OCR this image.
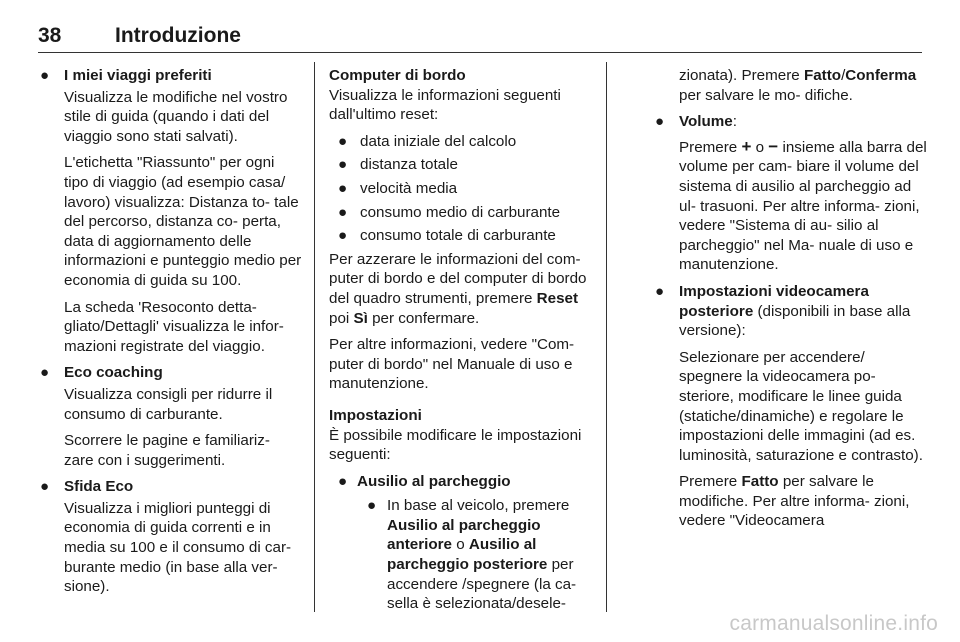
38	Introduzione
● I miei viaggi preferiti

Visualizza le modifiche nel vostro stile di guida (quando i dati del viaggio sono stati salvati).

L'etichetta "Riassunto" per ogni tipo di viaggio (ad esempio casa/ lavoro) visualizza: Distanza to- tale del percorso, distanza co- perta, data di aggiornamento delle informazioni e punteggio medio per economia di guida su 100.

La scheda 'Resoconto detta- gliato/Dettagli' visualizza le infor- mazioni registrate del viaggio.

● Eco coaching

Visualizza consigli per ridurre il consumo di carburante.

Scorrere le pagine e familiariz- zare con i suggerimenti.

● Sfida Eco

Visualizza i migliori punteggi di economia di guida correnti e in media su 100 e il consumo di car- burante medio (in base alla ver- sione).

Computer di bordo

Visualizza le informazioni seguenti dall'ultimo reset:

● data iniziale del calcolo
● distanza totale
● velocità media
● consumo medio di carburante
● consumo totale di carburante

Per azzerare le informazioni del com- puter di bordo e del computer di bordo del quadro strumenti, premere Reset poi Sì per confermare.

Per altre informazioni, vedere "Com- puter di bordo" nel Manuale di uso e manutenzione.

Impostazioni

È possibile modificare le impostazioni seguenti:

● Ausilio al parcheggio
● In base al veicolo, premere Ausilio al parcheggio anteriore o Ausilio al parcheggio posteriore per accendere /spegnere (la ca- sella è selezionata/desele-

zionata). Premere Fatto/Conferma per salvare le mo- difiche.

● Volume:

Premere + o − insieme alla barra del volume per cam- biare il volume del sistema di ausilio al parcheggio ad ul- trasuoni. Per altre informa- zioni, vedere "Sistema di au- silio al parcheggio" nel Ma- nuale di uso e manutenzione.

● Impostazioni videocamera posteriore (disponibili in base alla versione):

Selezionare per accendere/ spegnere la videocamera po- steriore, modificare le linee guida (statiche/dinamiche) e regolare le impostazioni delle immagini (ad es. luminosità, saturazione e contrasto).

Premere Fatto per salvare le modifiche. Per altre informa- zioni, vedere "Videocamera

carmanualsonline.info
